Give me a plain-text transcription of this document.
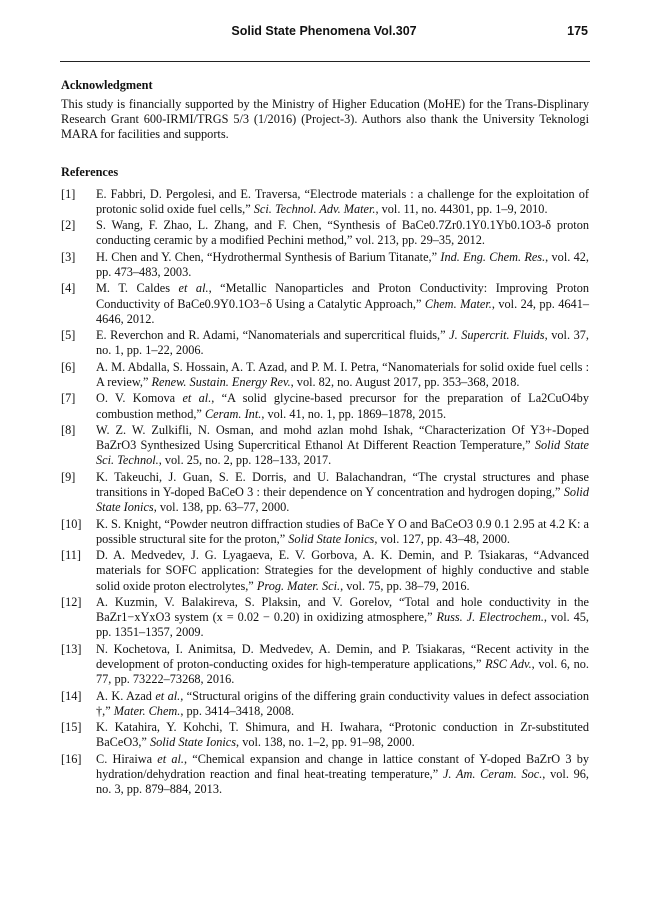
Solid State Phenomena Vol.307	175
Acknowledgment

This study is financially supported by the Ministry of Higher Education (MoHE) for the Trans-Displinary Research Grant 600-IRMI/TRGS 5/3 (1/2016) (Project-3). Authors also thank the University Teknologi MARA for facilities and supports.

References
[1]	E. Fabbri, D. Pergolesi, and E. Traversa, “Electrode materials : a challenge for the exploitation of protonic solid oxide fuel cells,” Sci. Technol. Adv. Mater., vol. 11, no. 44301, pp. 1–9, 2010.
[2]	S. Wang, F. Zhao, L. Zhang, and F. Chen, “Synthesis of BaCe0.7Zr0.1Y0.1Yb0.1O3-δ proton conducting ceramic by a modified Pechini method,” vol. 213, pp. 29–35, 2012.
[3]	H. Chen and Y. Chen, “Hydrothermal Synthesis of Barium Titanate,” Ind. Eng. Chem. Res., vol. 42, pp. 473–483, 2003.
[4]	M. T. Caldes et al., “Metallic Nanoparticles and Proton Conductivity: Improving Proton Conductivity of BaCe0.9Y0.1O3−δ Using a Catalytic Approach,” Chem. Mater., vol. 24, pp. 4641–4646, 2012.
[5]	E. Reverchon and R. Adami, “Nanomaterials and supercritical fluids,” J. Supercrit. Fluids, vol. 37, no. 1, pp. 1–22, 2006.
[6]	A. M. Abdalla, S. Hossain, A. T. Azad, and P. M. I. Petra, “Nanomaterials for solid oxide fuel cells : A review,” Renew. Sustain. Energy Rev., vol. 82, no. August 2017, pp. 353–368, 2018.
[7]	O. V. Komova et al., “A solid glycine-based precursor for the preparation of La2CuO4by combustion method,” Ceram. Int., vol. 41, no. 1, pp. 1869–1878, 2015.
[8]	W. Z. W. Zulkifli, N. Osman, and mohd azlan mohd Ishak, “Characterization Of Y3+-Doped BaZrO3 Synthesized Using Supercritical Ethanol At Different Reaction Temperature,” Solid State Sci. Technol., vol. 25, no. 2, pp. 128–133, 2017.
[9]	K. Takeuchi, J. Guan, S. E. Dorris, and U. Balachandran, “The crystal structures and phase transitions in Y-doped BaCeO 3 : their dependence on Y concentration and hydrogen doping,” Solid State Ionics, vol. 138, pp. 63–77, 2000.
[10]	K. S. Knight, “Powder neutron diffraction studies of BaCe Y O and BaCeO3 0.9 0.1 2.95 at 4.2 K: a possible structural site for the proton,” Solid State Ionics, vol. 127, pp. 43–48, 2000.
[11]	D. A. Medvedev, J. G. Lyagaeva, E. V. Gorbova, A. K. Demin, and P. Tsiakaras, “Advanced materials for SOFC application: Strategies for the development of highly conductive and stable solid oxide proton electrolytes,” Prog. Mater. Sci., vol. 75, pp. 38–79, 2016.
[12]	A. Kuzmin, V. Balakireva, S. Plaksin, and V. Gorelov, “Total and hole conductivity in the BaZr1−xYxO3 system (x = 0.02 − 0.20) in oxidizing atmosphere,” Russ. J. Electrochem., vol. 45, pp. 1351–1357, 2009.
[13]	N. Kochetova, I. Animitsa, D. Medvedev, A. Demin, and P. Tsiakaras, “Recent activity in the development of proton-conducting oxides for high-temperature applications,” RSC Adv., vol. 6, no. 77, pp. 73222–73268, 2016.
[14]	A. K. Azad et al., “Structural origins of the differing grain conductivity values in defect association †,” Mater. Chem., pp. 3414–3418, 2008.
[15]	K. Katahira, Y. Kohchi, T. Shimura, and H. Iwahara, “Protonic conduction in Zr-substituted BaCeO3,” Solid State Ionics, vol. 138, no. 1–2, pp. 91–98, 2000.
[16]	C. Hiraiwa et al., “Chemical expansion and change in lattice constant of Y-doped BaZrO 3 by hydration/dehydration reaction and final heat-treating temperature,” J. Am. Ceram. Soc., vol. 96, no. 3, pp. 879–884, 2013.
